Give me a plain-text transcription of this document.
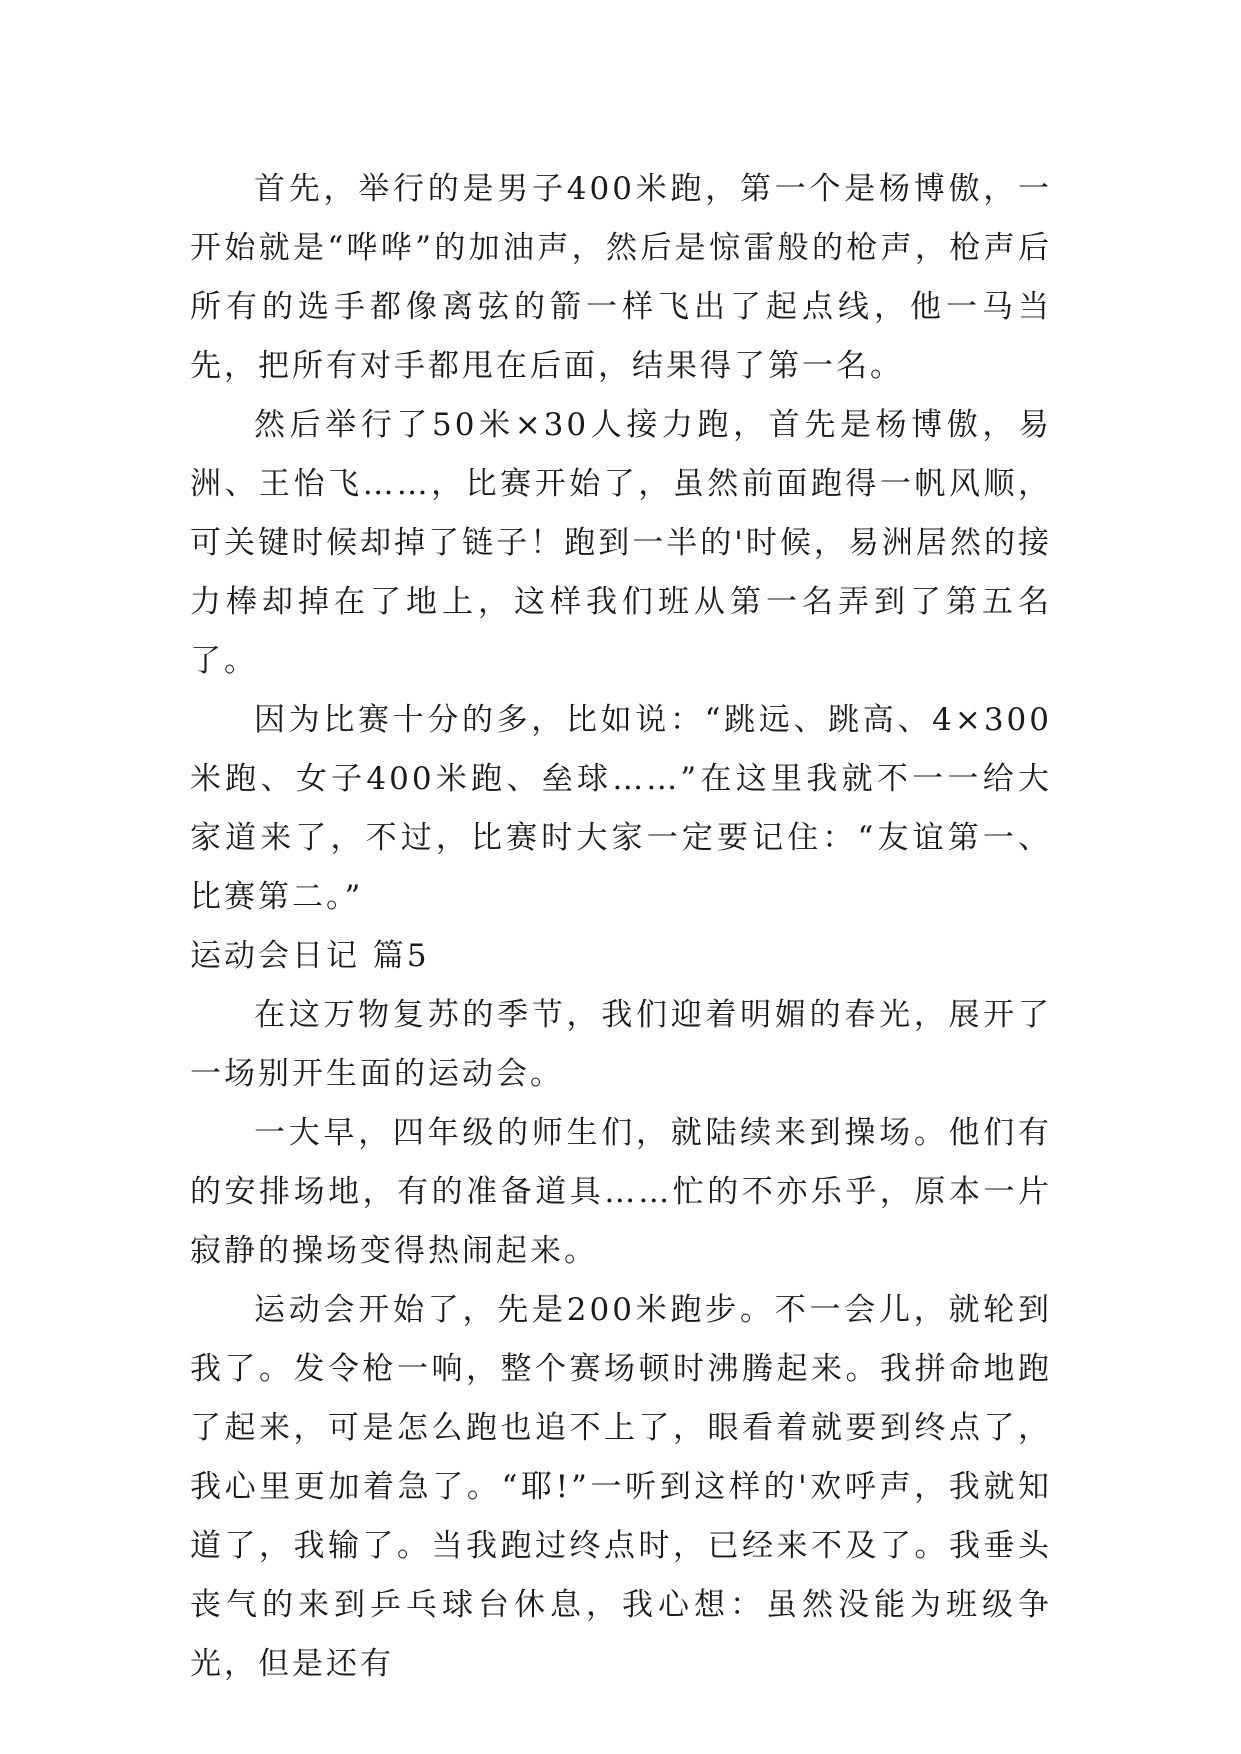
首先，举行的是男子400米跑，第一个是杨博傲，一开始就是“哗哗”的加油声，然后是惊雷般的枪声，枪声后所有的选手都像离弦的箭一样飞出了起点线，他一马当先，把所有对手都甩在后面，结果得了第一名。

然后举行了50米×30人接力跑，首先是杨博傲，易洲、王怡飞……，比赛开始了，虽然前面跑得一帆风顺，可关键时候却掉了链子！跑到一半的'时候，易洲居然的接力棒却掉在了地上，这样我们班从第一名弄到了第五名了。

因为比赛十分的多，比如说：“跳远、跳高、4×300米跑、女子400米跑、垒球……”在这里我就不一一给大家道来了，不过，比赛时大家一定要记住：“友谊第一、比赛第二。”

运动会日记 篇5

在这万物复苏的季节，我们迎着明媚的春光，展开了一场别开生面的运动会。

一大早，四年级的师生们，就陆续来到操场。他们有的安排场地，有的准备道具……忙的不亦乐乎，原本一片寂静的操场变得热闹起来。

运动会开始了，先是200米跑步。不一会儿，就轮到我了。发令枪一响，整个赛场顿时沸腾起来。我拼命地跑了起来，可是怎么跑也追不上了，眼看着就要到终点了，我心里更加着急了。“耶!”一听到这样的'欢呼声，我就知道了，我输了。当我跑过终点时，已经来不及了。我垂头丧气的来到乒乓球台休息，我心想：虽然没能为班级争光，但是还有
